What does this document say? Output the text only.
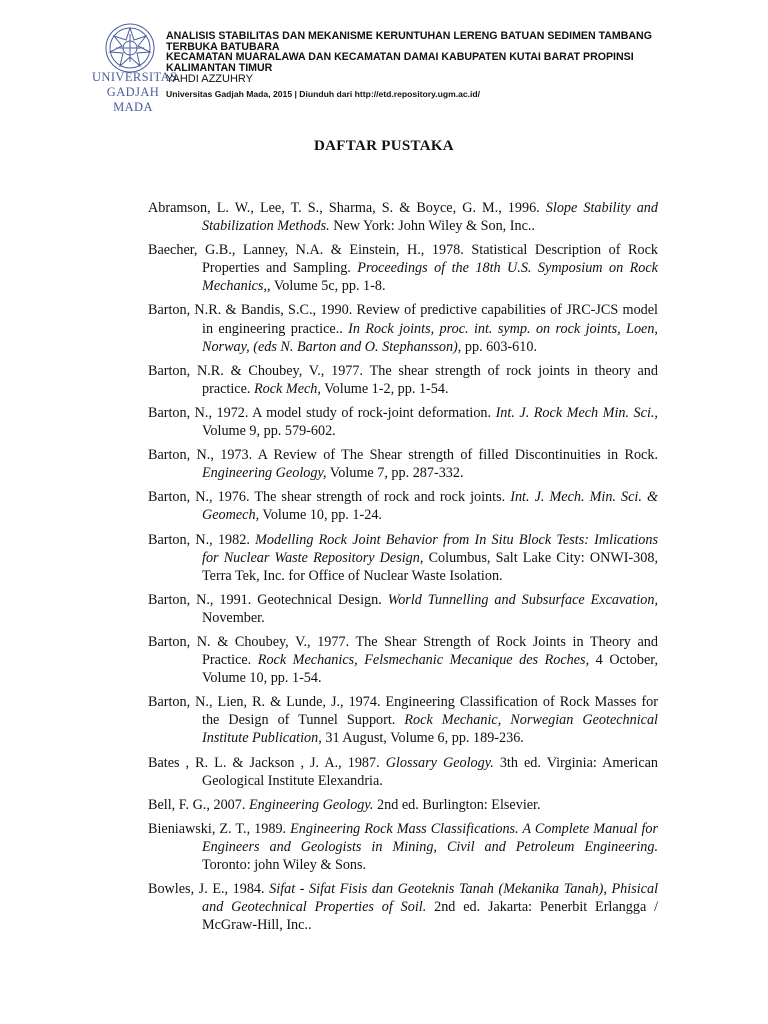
UNIVERSITAS
GADJAH MADA

ANALISIS STABILITAS DAN MEKANISME KERUNTUHAN LERENG BATUAN SEDIMEN TAMBANG

TERBUKA BATUBARA

KECAMATAN MUARALAWA DAN KECAMATAN DAMAI KABUPATEN KUTAI BARAT PROPINSI

KALIMANTAN TIMUR

YAHDI AZZUHRY

Universitas Gadjah Mada, 2015 | Diunduh dari http://etd.repository.ugm.ac.id/

DAFTAR PUSTAKA
Abramson, L. W., Lee, T. S., Sharma, S. & Boyce, G. M., 1996. Slope Stability and Stabilization Methods. New York: John Wiley & Son, Inc..
Baecher, G.B., Lanney, N.A. & Einstein, H., 1978. Statistical Description of Rock Properties and Sampling. Proceedings of the 18th U.S. Symposium on Rock Mechanics,, Volume 5c, pp. 1-8.
Barton, N.R. & Bandis, S.C., 1990. Review of predictive capabilities of JRC-JCS model in engineering practice.. In Rock joints, proc. int. symp. on rock joints, Loen, Norway, (eds N. Barton and O. Stephansson), pp. 603-610.
Barton, N.R. & Choubey, V., 1977. The shear strength of rock joints in theory and practice. Rock Mech, Volume 1-2, pp. 1-54.
Barton, N., 1972. A model study of rock-joint deformation. Int. J. Rock Mech Min. Sci., Volume 9, pp. 579-602.
Barton, N., 1973. A Review of The Shear strength of filled Discontinuities in Rock. Engineering Geology, Volume 7, pp. 287-332.
Barton, N., 1976. The shear strength of rock and rock joints. Int. J. Mech. Min. Sci. & Geomech, Volume 10, pp. 1-24.
Barton, N., 1982. Modelling Rock Joint Behavior from In Situ Block Tests: Imlications for Nuclear Waste Repository Design, Columbus, Salt Lake City: ONWI-308, Terra Tek, Inc. for Office of Nuclear Waste Isolation.
Barton, N., 1991. Geotechnical Design. World Tunnelling and Subsurface Excavation, November.
Barton, N. & Choubey, V., 1977. The Shear Strength of Rock Joints in Theory and Practice. Rock Mechanics, Felsmechanic Mecanique des Roches, 4 October, Volume 10, pp. 1-54.
Barton, N., Lien, R. & Lunde, J., 1974. Engineering Classification of Rock Masses for the Design of Tunnel Support. Rock Mechanic, Norwegian Geotechnical Institute Publication, 31 August, Volume 6, pp. 189-236.
Bates , R. L. & Jackson , J. A., 1987. Glossary Geology. 3th ed. Virginia: American Geological Institute Elexandria.
Bell, F. G., 2007. Engineering Geology. 2nd ed. Burlington: Elsevier.
Bieniawski, Z. T., 1989. Engineering Rock Mass Classifications. A Complete Manual for Engineers and Geologists in Mining, Civil and Petroleum Engineering. Toronto: john Wiley & Sons.
Bowles, J. E., 1984. Sifat - Sifat Fisis dan Geoteknis Tanah (Mekanika Tanah), Phisical and Geotechnical Properties of Soil. 2nd ed. Jakarta: Penerbit Erlangga / McGraw-Hill, Inc..
